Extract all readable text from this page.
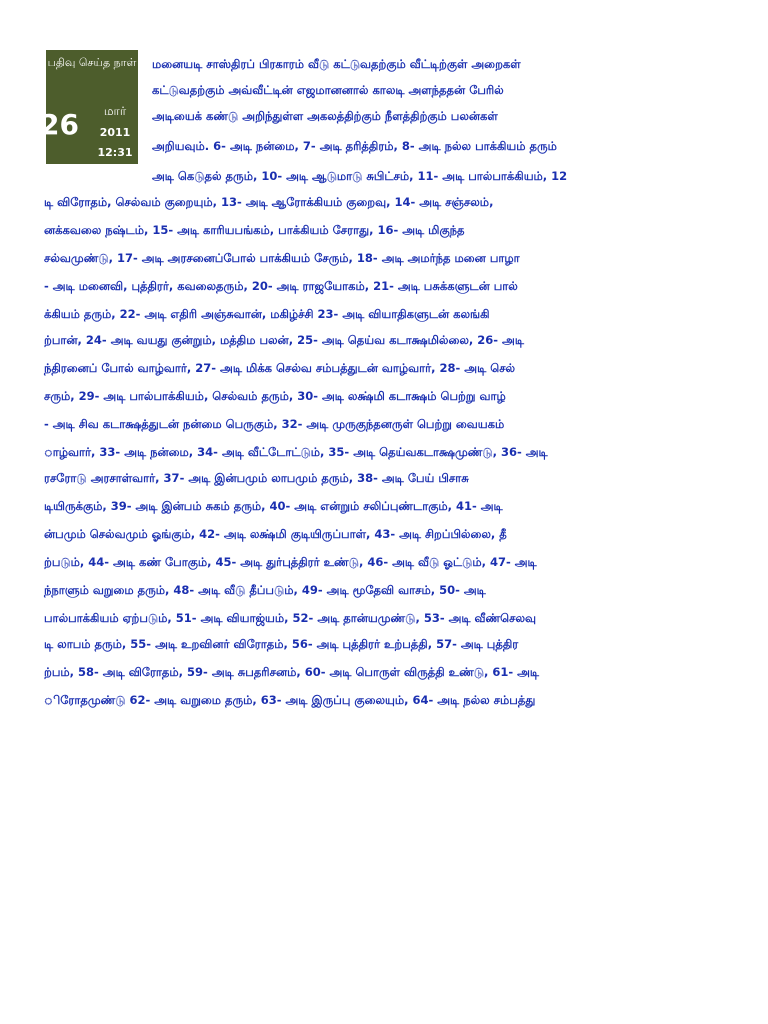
பதிவு செய்த நாள்
26	மார்
2011
12:31
மனையடி சாஸ்திரப் பிரகாரம் வீடு கட்டுவதற்கும் வீட்டிற்குள் அறைகள்
கட்டுவதற்கும் அவ்வீட்டின் எஜமானனால் காலடி அளந்ததன் பேரில்
அடியைக் கண்டு அறிந்துள்ள அகலத்திற்கும் நீளத்திற்கும் பலன்கள்
அறியவும். 6- அடி நன்மை, 7- அடி தரித்திரம், 8- அடி நல்ல பாக்கியம் தரும்
அடி கெடுதல் தரும், 10- அடி ஆடுமாடு சுபிட்சம், 11- அடி பால்பாக்கியம், 12
டி விரோதம், செல்வம் குறையும், 13- அடி ஆரோக்கியம் குறைவு, 14- அடி சஞ்சலம்,
னக்கவலை நஷ்டம், 15- அடி காரியபங்கம், பாக்கியம் சேராது, 16- அடி மிகுந்த
சல்வமுண்டு, 17- அடி அரசனைப்போல் பாக்கியம் சேரும், 18- அடி அமர்ந்த மனை பாழா
- அடி மனைவி, புத்திரர், கவலைதரும், 20- அடி ராஜயோகம், 21- அடி பசுக்களுடன் பால்
க்கியம் தரும், 22- அடி எதிரி அஞ்சுவான், மகிழ்ச்சி 23- அடி வியாதிகளுடன் கலங்கி
ற்பான், 24- அடி வயது குன்றும், மத்திம பலன், 25- அடி தெய்வ கடாக்ஷமில்லை, 26- அடி
ந்திரனைப் போல் வாழ்வார், 27- அடி மிக்க செல்வ சம்பத்துடன் வாழ்வார், 28- அடி செல்
சரும், 29- அடி பால்பாக்கியம், செல்வம் தரும், 30- அடி லக்ஷ்மி கடாக்ஷம் பெற்று வாழ்
- அடி சிவ கடாக்ஷத்துடன் நன்மை பெருகும், 32- அடி முருகுந்தனருள் பெற்று வையகம்
ாழ்வார், 33- அடி நன்மை, 34- அடி வீட்டோட்டும், 35- அடி தெய்வகடாக்ஷமுண்டு, 36- அடி
ரசரோடு அரசாள்வார், 37- அடி இன்பமும் லாபமும் தரும், 38- அடி பேய் பிசாசு
டியிருக்கும், 39- அடி இன்பம் சுகம் தரும், 40- அடி என்றும் சலிப்புண்டாகும், 41- அடி
ன்பமும் செல்வமும் ஓங்கும், 42- அடி லக்ஷ்மி குடியிருப்பாள், 43- அடி சிறப்பில்லை, தீ
ற்படும், 44- அடி கண் போகும், 45- அடி துர்புத்திரர் உண்டு, 46- அடி வீடு ஓட்டும், 47- அடி
ந்நாளும் வறுமை தரும், 48- அடி வீடு தீப்படும், 49- அடி மூதேவி வாசம், 50- அடி
பால்பாக்கியம் ஏற்படும், 51- அடி வியாஜ்யம், 52- அடி தான்யமுண்டு, 53- அடி வீண்செலவு
டி லாபம் தரும், 55- அடி உறவினர் விரோதம், 56- அடி புத்திரர் உற்பத்தி, 57- அடி புத்திர
ற்பம், 58- அடி விரோதம், 59- அடி சுபதரிசனம், 60- அடி பொருள் விருத்தி உண்டு, 61- அடி
ிரோதமுண்டு 62- அடி வறுமை தரும், 63- அடி இருப்பு குலையும், 64- அடி நல்ல சம்பத்து
